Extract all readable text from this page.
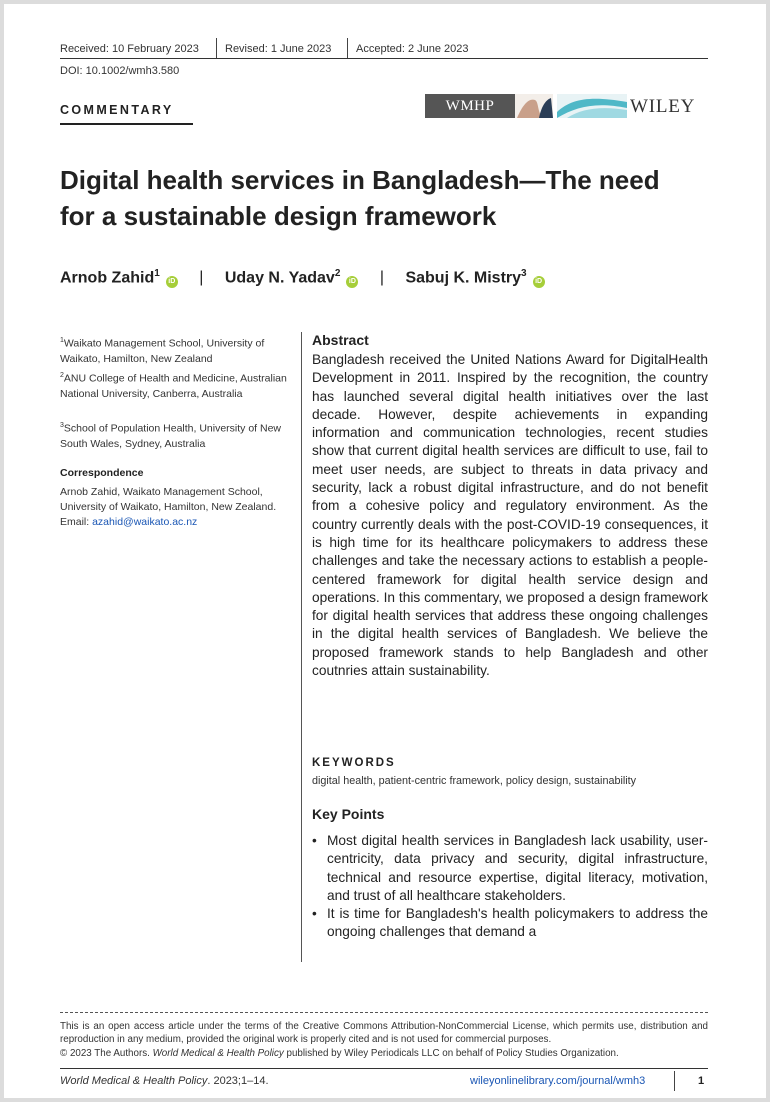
Received: 10 February 2023 Revised: 1 June 2023 Accepted: 2 June 2023
DOI: 10.1002/wmh3.580
COMMENTARY	WMHP	WILEY
Digital health services in Bangladesh—The need for a sustainable design framework
Arnob Zahid$^1$iD | Uday N. Yadav$^2$iD | Sabuj K. Mistry$^3$iD
$^1$Waikato Management School, University of Waikato, Hamilton, New Zealand
$^2$ANU College of Health and Medicine, Australian National University, Canberra, Australia
$^3$School of Population Health, University of New South Wales, Sydney, Australia
Correspondence
Arnob Zahid, Waikato Management School, University of Waikato, Hamilton, New Zealand.
Email: azahid@waikato.ac.nz
Abstract
Bangladesh received the United Nations Award for DigitalHealth Development in 2011. Inspired by the recognition, the country has launched several digital health initiatives over the last decade. However, despite achievements in expanding information and communication technologies, recent studies show that current digital health services are difficult to use, fail to meet user needs, are subject to threats in data privacy and security, lack a robust digital infrastructure, and do not benefit from a cohesive policy and regulatory environment. As the country currently deals with the post-COVID-19 consequences, it is high time for its healthcare policymakers to address these challenges and take the necessary actions to establish a people-centered framework for digital health service design and operations. In this commentary, we proposed a design framework for digital health services that address these ongoing challenges in the digital health services of Bangladesh. We believe the proposed framework stands to help Bangladesh and other coutnries attain sustainability.
KEYWORDS
digital health, patient-centric framework, policy design, sustainability
Key Points
• Most digital health services in Bangladesh lack usability, user-centricity, data privacy and security, digital infrastructure, technical and resource expertise, digital literacy, motivation, and trust of all healthcare stakeholders.
• It is time for Bangladesh's health policymakers to address the ongoing challenges that demand a
This is an open access article under the terms of the Creative Commons Attribution-NonCommercial License, which permits use, distribution and reproduction in any medium, provided the original work is properly cited and is not used for commercial purposes.
© 2023 The Authors. World Medical & Health Policy published by Wiley Periodicals LLC on behalf of Policy Studies Organization.
World Medical & Health Policy. 2023;1–14.	wileyonlinelibrary.com/journal/wmh3	1
